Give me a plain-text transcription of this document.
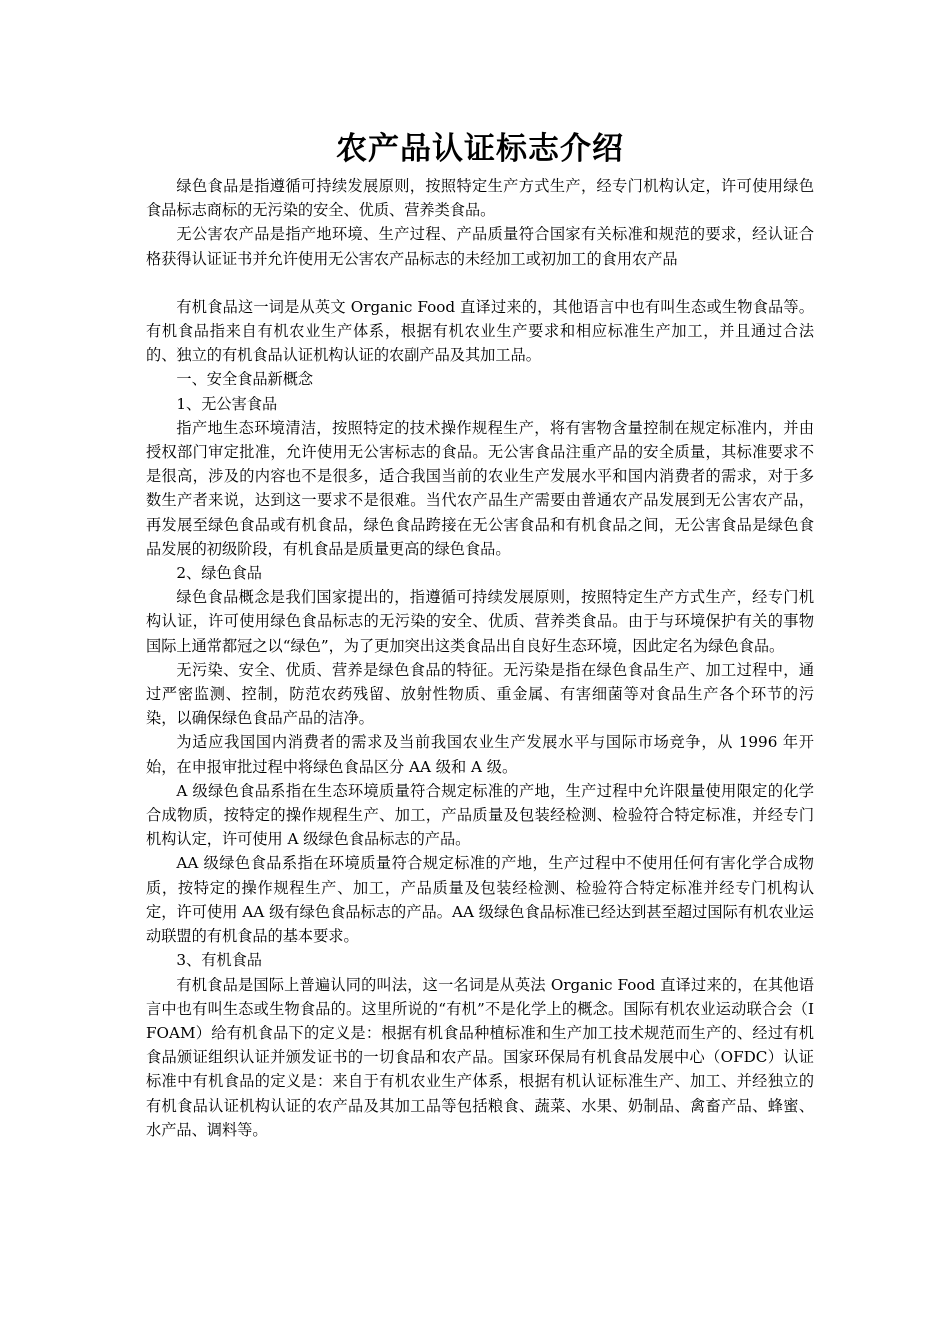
农产品认证标志介绍

绿色食品是指遵循可持续发展原则，按照特定生产方式生产，经专门机构认定，许可使用绿色食品标志商标的无污染的安全、优质、营养类食品。

无公害农产品是指产地环境、生产过程、产品质量符合国家有关标准和规范的要求，经认证合格获得认证证书并允许使用无公害农产品标志的未经加工或初加工的食用农产品

有机食品这一词是从英文 Organic Food 直译过来的，其他语言中也有叫生态或生物食品等。有机食品指来自有机农业生产体系，根据有机农业生产要求和相应标准生产加工，并且通过合法的、独立的有机食品认证机构认证的农副产品及其加工品。

一、安全食品新概念

1、无公害食品

指产地生态环境清洁，按照特定的技术操作规程生产，将有害物含量控制在规定标准内，并由授权部门审定批准，允许使用无公害标志的食品。无公害食品注重产品的安全质量，其标准要求不是很高，涉及的内容也不是很多，适合我国当前的农业生产发展水平和国内消费者的需求，对于多数生产者来说，达到这一要求不是很难。当代农产品生产需要由普通农产品发展到无公害农产品，再发展至绿色食品或有机食品，绿色食品跨接在无公害食品和有机食品之间，无公害食品是绿色食品发展的初级阶段，有机食品是质量更高的绿色食品。

2、绿色食品

绿色食品概念是我们国家提出的，指遵循可持续发展原则，按照特定生产方式生产，经专门机构认证，许可使用绿色食品标志的无污染的安全、优质、营养类食品。由于与环境保护有关的事物国际上通常都冠之以“绿色”，为了更加突出这类食品出自良好生态环境，因此定名为绿色食品。

无污染、安全、优质、营养是绿色食品的特征。无污染是指在绿色食品生产、加工过程中，通过严密监测、控制，防范农药残留、放射性物质、重金属、有害细菌等对食品生产各个环节的污染，以确保绿色食品产品的洁净。

为适应我国国内消费者的需求及当前我国农业生产发展水平与国际市场竞争，从 1996 年开始，在申报审批过程中将绿色食品区分 AA 级和 A 级。

A 级绿色食品系指在生态环境质量符合规定标准的产地，生产过程中允许限量使用限定的化学合成物质，按特定的操作规程生产、加工，产品质量及包装经检测、检验符合特定标准，并经专门机构认定，许可使用 A 级绿色食品标志的产品。

AA 级绿色食品系指在环境质量符合规定标准的产地，生产过程中不使用任何有害化学合成物质，按特定的操作规程生产、加工，产品质量及包装经检测、检验符合特定标准并经专门机构认定，许可使用 AA 级有绿色食品标志的产品。AA 级绿色食品标准已经达到甚至超过国际有机农业运动联盟的有机食品的基本要求。

3、有机食品

有机食品是国际上普遍认同的叫法，这一名词是从英法 Organic Food 直译过来的，在其他语言中也有叫生态或生物食品的。这里所说的“有机”不是化学上的概念。国际有机农业运动联合会（IFOAM）给有机食品下的定义是：根据有机食品种植标准和生产加工技术规范而生产的、经过有机食品颁证组织认证并颁发证书的一切食品和农产品。国家环保局有机食品发展中心（OFDC）认证标准中有机食品的定义是：来自于有机农业生产体系，根据有机认证标准生产、加工、并经独立的有机食品认证机构认证的农产品及其加工品等包括粮食、蔬菜、水果、奶制品、禽畜产品、蜂蜜、水产品、调料等。
